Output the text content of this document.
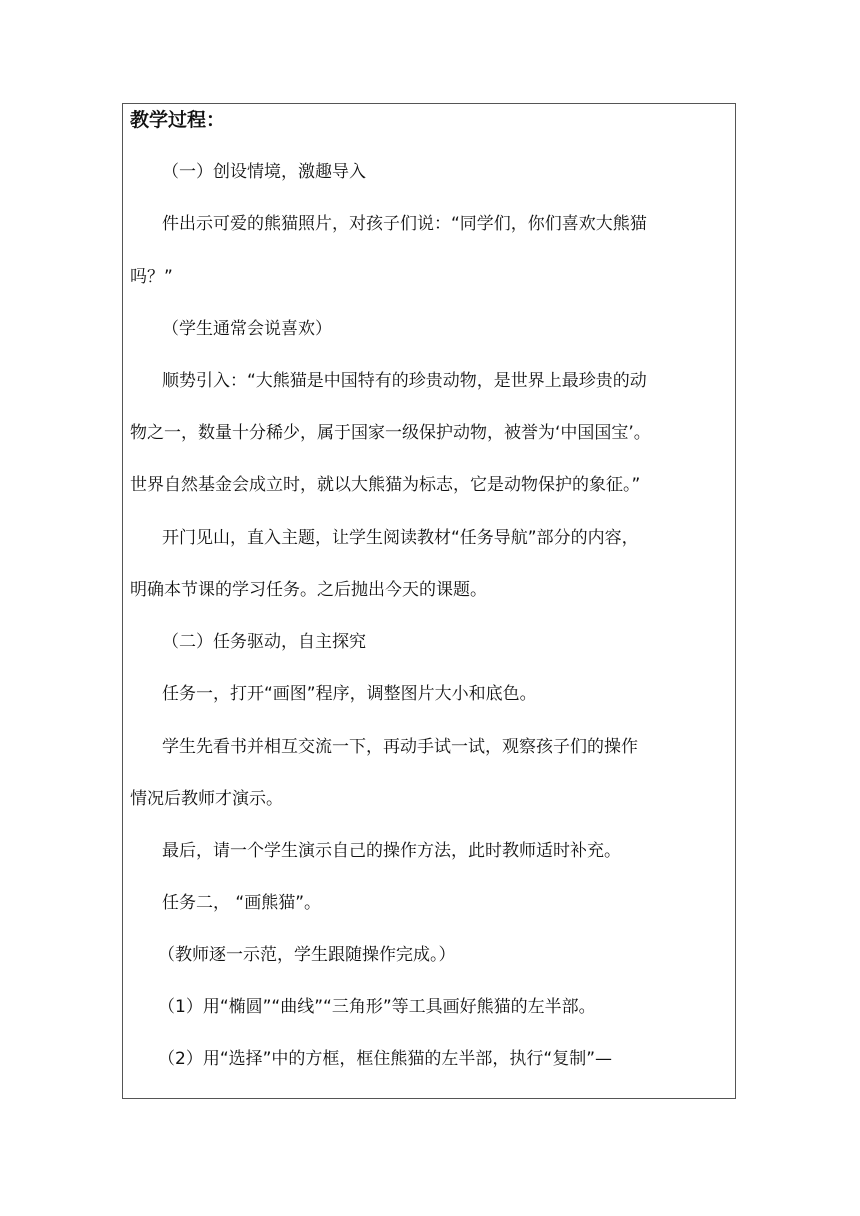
教学过程：
（一）创设情境，激趣导入
件出示可爱的熊猫照片，对孩子们说：“同学们，你们喜欢大熊猫
吗？”
（学生通常会说喜欢）
顺势引入：“大熊猫是中国特有的珍贵动物，是世界上最珍贵的动
物之一，数量十分稀少，属于国家一级保护动物，被誉为‘中国国宝’。
世界自然基金会成立时，就以大熊猫为标志，它是动物保护的象征。”
开门见山，直入主题，让学生阅读教材“任务导航”部分的内容，
明确本节课的学习任务。之后抛出今天的课题。
（二）任务驱动，自主探究
任务一，打开“画图”程序，调整图片大小和底色。
学生先看书并相互交流一下，再动手试一试，观察孩子们的操作
情况后教师才演示。
最后，请一个学生演示自己的操作方法，此时教师适时补充。
任务二， “画熊猫”。
（教师逐一示范，学生跟随操作完成。）
（1）用“椭圆”“曲线”“三角形”等工具画好熊猫的左半部。
（2）用“选择”中的方框，框住熊猫的左半部，执行“复制”—
